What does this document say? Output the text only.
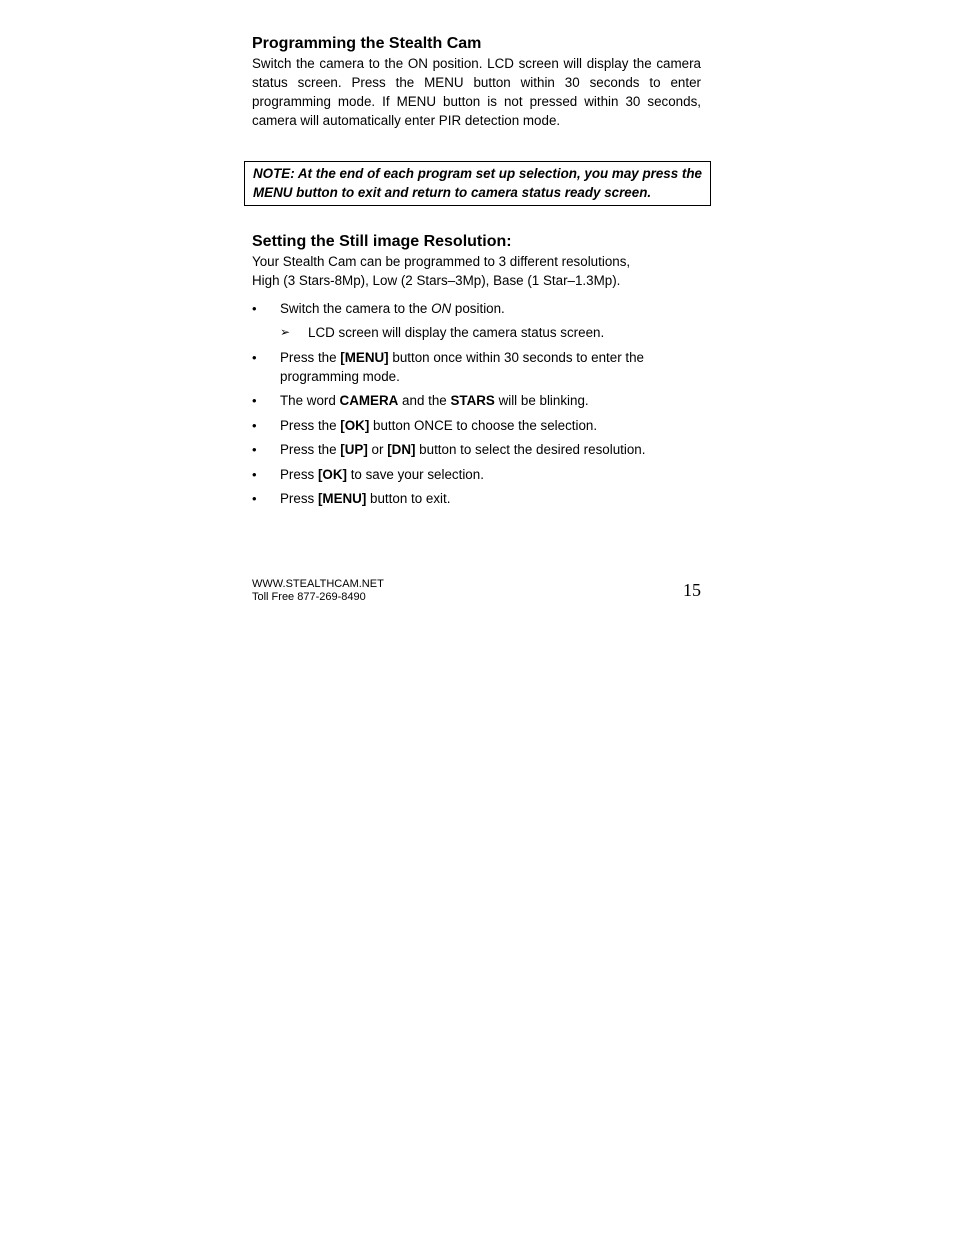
Programming the Stealth Cam

Switch the camera to the ON position. LCD screen will display the camera status screen. Press the MENU button within 30 seconds to enter programming mode. If MENU button is not pressed within 30 seconds, camera will automatically enter PIR detection mode.

NOTE: At the end of each program set up selection, you may press the MENU button to exit and return to camera status ready screen.

Setting the Still image Resolution:

Your Stealth Cam can be programmed to 3 different resolutions,

High (3 Stars-8Mp), Low (2 Stars–3Mp), Base (1 Star–1.3Mp).

• Switch the camera to the ON position.
➢ LCD screen will display the camera status screen.
• Press the [MENU] button once within 30 seconds to enter the programming mode.
• The word CAMERA and the STARS will be blinking.
• Press the [OK] button ONCE to choose the selection.
• Press the [UP] or [DN] button to select the desired resolution.
• Press [OK] to save your selection.
• Press [MENU] button to exit.
WWW.STEALTHCAM.NET
Toll Free 877-269-8490	15
